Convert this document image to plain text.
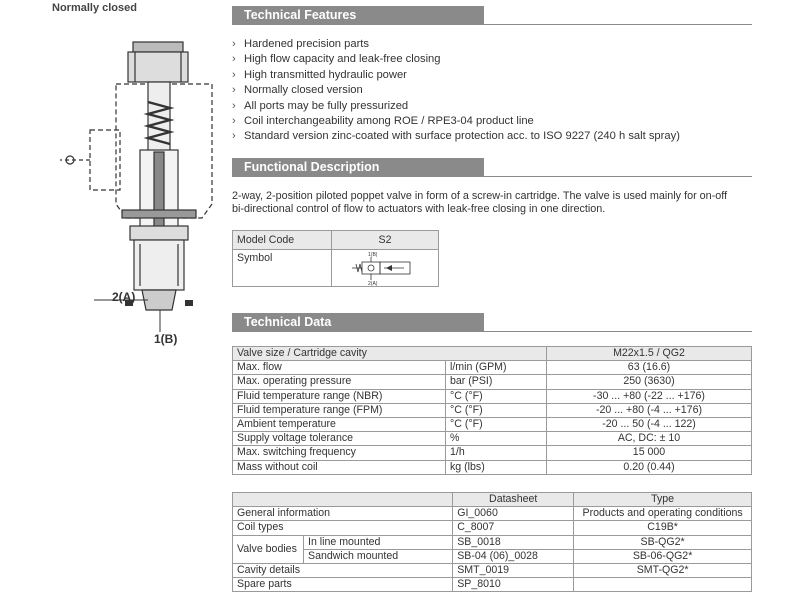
Normally closed
2(A)
1(B)
Technical Features
› Hardened precision parts
› High flow capacity and leak-free closing
› High transmitted hydraulic power
› Normally closed version
› All ports may be fully pressurized
› Coil interchangeability among ROE / RPE3-04 product line
› Standard version zinc-coated with surface protection acc. to ISO 9227 (240 h salt spray)
Functional Description
2-way, 2-position piloted poppet valve in form of a screw-in cartridge. The valve is used mainly for on-off
bi-directional control of flow to actuators with leak-free closing in one direction.
Model Code	S2
Symbol	1(B)
2(A)
Technical Data
Valve size / Cartridge cavity		M22x1.5 / QG2
Max. flow	l/min (GPM)	63 (16.6)
Max. operating pressure	bar (PSI)	250 (3630)
Fluid temperature range (NBR)	°C (°F)	-30 ... +80 (-22 ... +176)
Fluid temperature range (FPM)	°C (°F)	-20 ... +80 (-4 ... +176)
Ambient temperature	°C (°F)	-20 ... 50 (-4 ... 122)
Supply voltage tolerance	%	AC, DC: ± 10
Max. switching frequency	1/h	15 000
Mass without coil	kg (lbs)	0.20 (0.44)
		Datasheet	Type
General information		GI_0060	Products and operating conditions
Coil types		C_8007	C19B*
Valve bodies	In line mounted	SB_0018	SB-QG2*
	Sandwich mounted	SB-04 (06)_0028	SB-06-QG2*
Cavity details		SMT_0019	SMT-QG2*
Spare parts		SP_8010	
